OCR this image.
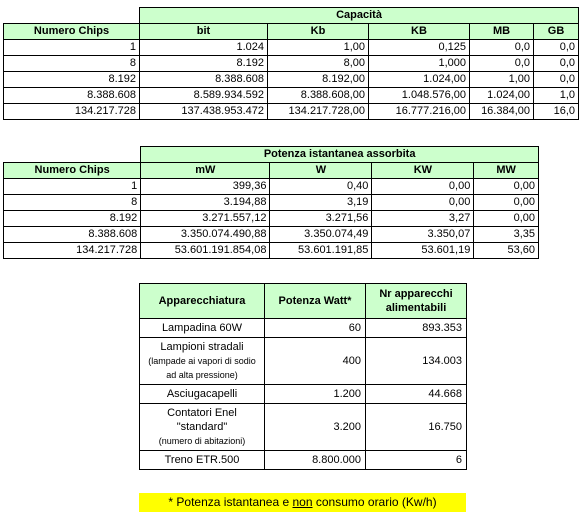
	Capacità				
Numero Chips	bit	Kb	KB	MB	GB
1	1.024	1,00	0,125	0,0	0,0
8	8.192	8,00	1,000	0,0	0,0
8.192	8.388.608	8.192,00	1.024,00	1,00	0,0
8.388.608	8.589.934.592	8.388.608,00	1.048.576,00	1.024,00	1,0
134.217.728	137.438.953.472	134.217.728,00	16.777.216,00	16.384,00	16,0
	Potenza istantanea assorbita			
Numero Chips	mW	W	KW	MW
1	399,36	0,40	0,00	0,00
8	3.194,88	3,19	0,00	0,00
8.192	3.271.557,12	3.271,56	3,27	0,00
8.388.608	3.350.074.490,88	3.350.074,49	3.350,07	3,35
134.217.728	53.601.191.854,08	53.601.191,85	53.601,19	53,60
Apparecchiatura	Potenza Watt*	Nr apparecchi alimentabili

Lampadina 60W	60	893.353

Lampioni stradali
(lampade ai vapori di sodio ad alta pressione)	400	134.003

Asciugacapelli	1.200	44.668

Contatori Enel "standard"
(numero di abitazioni)	3.200	16.750

Treno ETR.500	8.800.000	6
* Potenza istantanea e non consumo orario (Kw/h)
